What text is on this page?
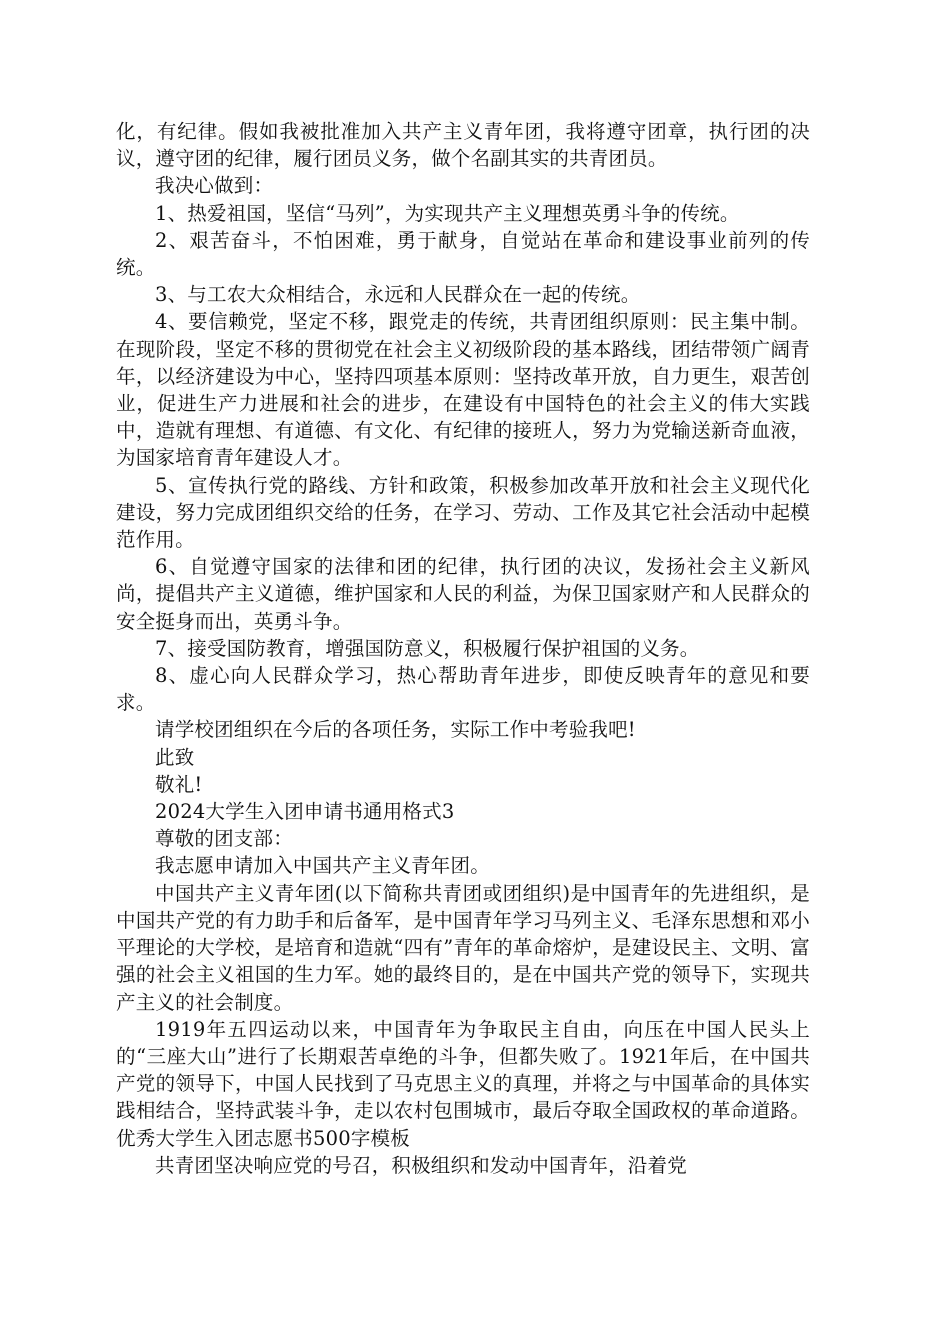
化，有纪律。假如我被批准加入共产主义青年团，我将遵守团章，执行团的决议，遵守团的纪律，履行团员义务，做个名副其实的共青团员。

我决心做到：

1、热爱祖国，坚信“马列”，为实现共产主义理想英勇斗争的传统。

2、艰苦奋斗，不怕困难，勇于献身，自觉站在革命和建设事业前列的传统。

3、与工农大众相结合，永远和人民群众在一起的传统。

4、要信赖党，坚定不移，跟党走的传统，共青团组织原则：民主集中制。在现阶段，坚定不移的贯彻党在社会主义初级阶段的基本路线，团结带领广阔青年，以经济建设为中心，坚持四项基本原则：坚持改革开放，自力更生，艰苦创业，促进生产力进展和社会的进步，在建设有中国特色的社会主义的伟大实践中，造就有理想、有道德、有文化、有纪律的接班人，努力为党输送新奇血液，为国家培育青年建设人才。

5、宣传执行党的路线、方针和政策，积极参加改革开放和社会主义现代化建设，努力完成团组织交给的任务，在学习、劳动、工作及其它社会活动中起模范作用。

6、自觉遵守国家的法律和团的纪律，执行团的决议，发扬社会主义新风尚，提倡共产主义道德，维护国家和人民的利益，为保卫国家财产和人民群众的安全挺身而出，英勇斗争。

7、接受国防教育，增强国防意义，积极履行保护祖国的义务。

8、虚心向人民群众学习，热心帮助青年进步，即使反映青年的意见和要求。

请学校团组织在今后的各项任务，实际工作中考验我吧!

此致

敬礼!

2024大学生入团申请书通用格式3

尊敬的团支部：

我志愿申请加入中国共产主义青年团。

中国共产主义青年团(以下简称共青团或团组织)是中国青年的先进组织，是中国共产党的有力助手和后备军，是中国青年学习马列主义、毛泽东思想和邓小平理论的大学校，是培育和造就“四有”青年的革命熔炉，是建设民主、文明、富强的社会主义祖国的生力军。她的最终目的，是在中国共产党的领导下，实现共产主义的社会制度。

1919年五四运动以来，中国青年为争取民主自由，向压在中国人民头上的“三座大山”进行了长期艰苦卓绝的斗争，但都失败了。1921年后，在中国共产党的领导下，中国人民找到了马克思主义的真理，并将之与中国革命的具体实践相结合，坚持武装斗争，走以农村包围城市，最后夺取全国政权的革命道路。优秀大学生入团志愿书500字模板

共青团坚决响应党的号召，积极组织和发动中国青年，沿着党
